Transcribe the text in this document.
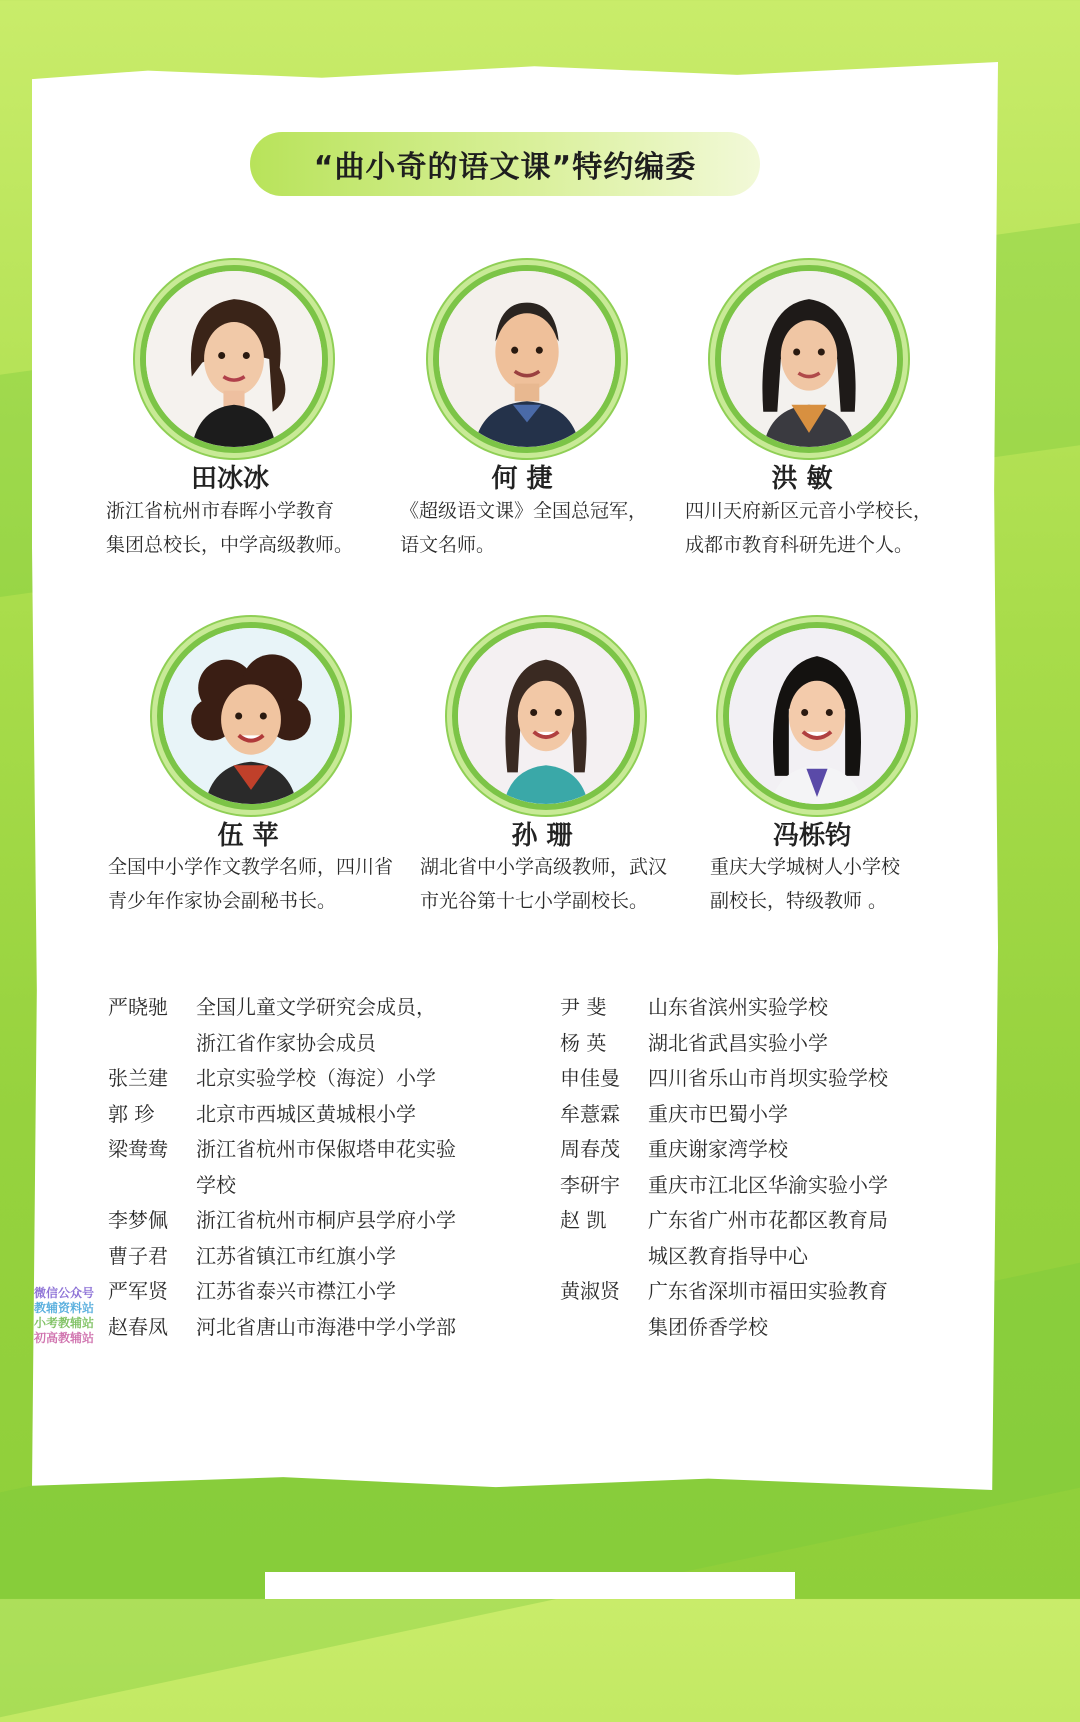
“曲小奇的语文课”特约编委
田冰冰	何 捷	洪 敏
浙江省杭州市春晖小学教育
集团总校长，中学高级教师。
《超级语文课》全国总冠军，
语文名师。
四川天府新区元音小学校长，
成都市教育科研先进个人。
伍 苹	孙 珊	冯栎钧
全国中小学作文教学名师，四川省
青少年作家协会副秘书长。
湖北省中小学高级教师，武汉
市光谷第十七小学副校长。
重庆大学城树人小学校
副校长，特级教师 。
严晓驰	全国儿童文学研究会成员，
浙江省作家协会成员
张兰建	北京实验学校（海淀）小学
郭 珍	北京市西城区黄城根小学
梁鸯鸯	浙江省杭州市保俶塔申花实验
学校
李梦佩	浙江省杭州市桐庐县学府小学
曹子君	江苏省镇江市红旗小学
严军贤	江苏省泰兴市襟江小学
赵春凤	河北省唐山市海港中学小学部
尹 斐	山东省滨州实验学校
杨 英	湖北省武昌实验小学
申佳曼	四川省乐山市肖坝实验学校
牟薏霖	重庆市巴蜀小学
周春茂	重庆谢家湾学校
李研宇	重庆市江北区华渝实验小学
赵 凯	广东省广州市花都区教育局
城区教育指导中心
黄淑贤	广东省深圳市福田实验教育
集团侨香学校
微信公众号
教辅资料站
小考教辅站
初高教辅站
